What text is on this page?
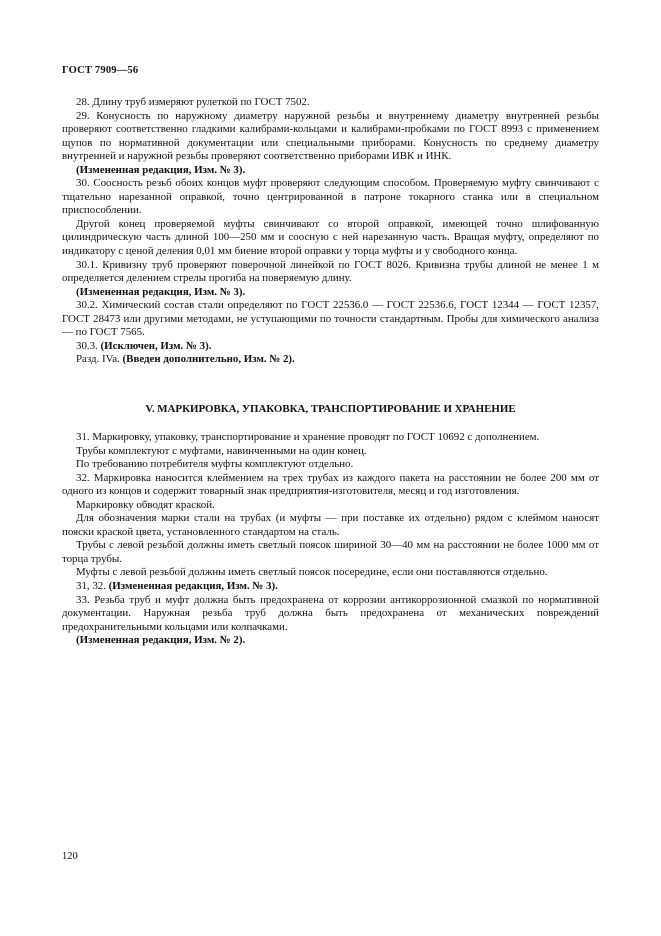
ГОСТ 7909—56

28. Длину труб измеряют рулеткой по ГОСТ 7502.

29. Конусность по наружному диаметру наружной резьбы и внутреннему диаметру внутренней резьбы проверяют соответственно гладкими калибрами-кольцами и калибрами-пробками по ГОСТ 8993 с применением щупов по нормативной документации или специальными приборами. Конусность по среднему диаметру внутренней и наружной резьбы проверяют соответственно приборами ИВК и ИНК.

(Измененная редакция, Изм. № 3).

30. Соосность резьб обоих концов муфт проверяют следующим способом. Проверяемую муфту свинчивают с тщательно нарезанной оправкой, точно центрированной в патроне токарного станка или в специальном приспособлении.

Другой конец проверяемой муфты свинчивают со второй оправкой, имеющей точно шлифованную цилиндрическую часть длиной 100—250 мм и соосную с ней нарезанную часть. Вращая муфту, определяют по индикатору с ценой деления 0,01 мм биение второй оправки у торца муфты и у свободного конца.

30.1. Кривизну труб проверяют поверочной линейкой по ГОСТ 8026. Кривизна трубы длиной не менее 1 м определяется делением стрелы прогиба на поверяемую длину.

(Измененная редакция, Изм. № 3).

30.2. Химический состав стали определяют по ГОСТ 22536.0 — ГОСТ 22536.6, ГОСТ 12344 — ГОСТ 12357, ГОСТ 28473 или другими методами, не уступающими по точности стандартным. Пробы для химического анализа — по ГОСТ 7565.

30.3. (Исключен, Изм. № 3).

Разд. IVa. (Введен дополнительно, Изм. № 2).

V. МАРКИРОВКА, УПАКОВКА, ТРАНСПОРТИРОВАНИЕ И ХРАНЕНИЕ

31. Маркировку, упаковку, транспортирование и хранение проводят по ГОСТ 10692 с дополнением.

Трубы комплектуют с муфтами, навинченными на один конец.

По требованию потребителя муфты комплектуют отдельно.

32. Маркировка наносится клеймением на трех трубах из каждого пакета на расстоянии не более 200 мм от одного из концов и содержит товарный знак предприятия-изготовителя, месяц и год изготовления.

Маркировку обводят краской.

Для обозначения марки стали на трубах (и муфты — при поставке их отдельно) рядом с клеймом наносят пояски краской цвета, установленного стандартом на сталь.

Трубы с левой резьбой должны иметь светлый поясок шириной 30—40 мм на расстоянии не более 1000 мм от торца трубы.

Муфты с левой резьбой должны иметь светлый поясок посередине, если они поставляются отдельно.

31, 32. (Измененная редакция, Изм. № 3).

33. Резьба труб и муфт должна быть предохранена от коррозии антикоррозионной смазкой по нормативной документации. Наружная резьба труб должна быть предохранена от механических повреждений предохранительными кольцами или колпачками.

(Измененная редакция, Изм. № 2).

120
